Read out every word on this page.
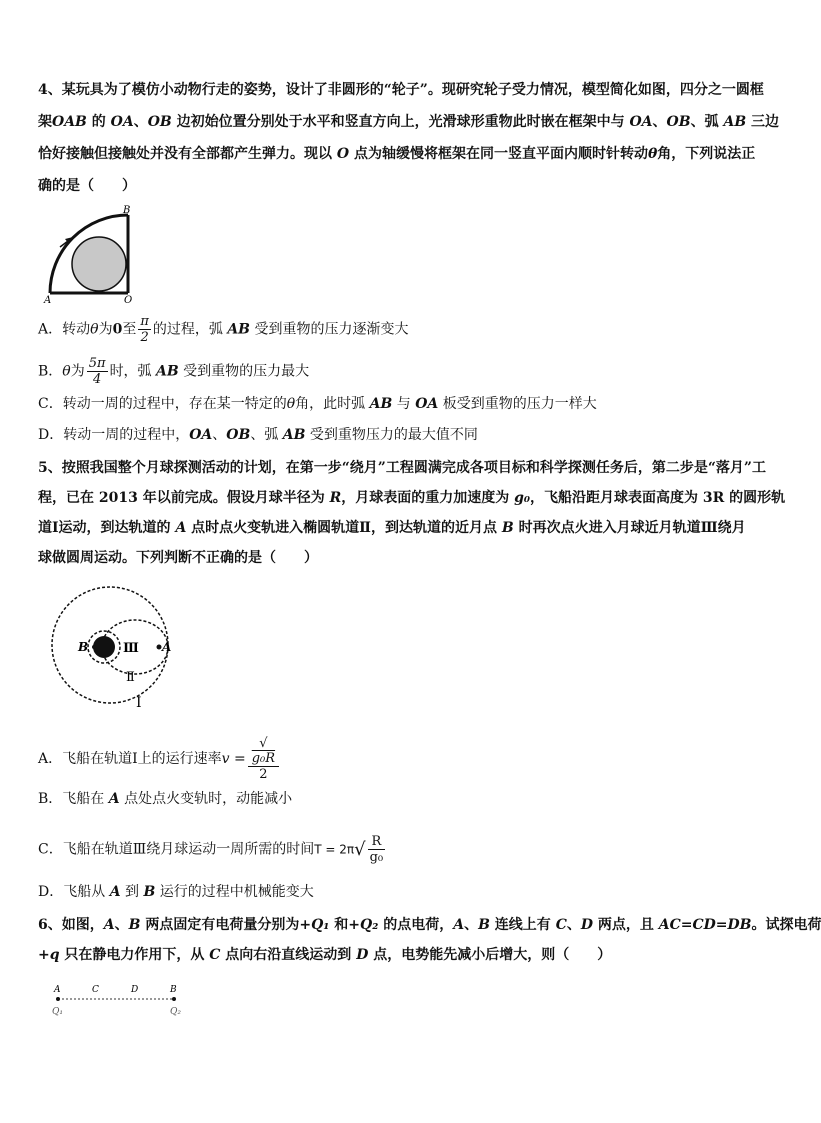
4、某玩具为了模仿小动物行走的姿势，设计了非圆形的“轮子”。现研究轮子受力情况，模型简化如图，四分之一圆框
架OAB 的 OA、OB 边初始位置分别处于水平和竖直方向上，光滑球形重物此时嵌在框架中与 OA、OB、弧 AB 三边
恰好接触但接触处并没有全部都产生弹力。现以 O 点为轴缓慢将框架在同一竖直平面内顺时针转动θ角，下列说法正
确的是（　　）
B
A	O
A．转动θ为0至 $\frac{\pi}{2}$ 的过程，弧 AB 受到重物的压力逐渐变大
B．θ为 $\frac{5\pi}{4}$ 时，弧 AB 受到重物的压力最大
C．转动一周的过程中，存在某一特定的θ角，此时弧 AB 与 OA 板受到重物的压力一样大
D．转动一周的过程中，OA、OB、弧 AB 受到重物压力的最大值不同
5、按照我国整个月球探测活动的计划，在第一步“绕月”工程圆满完成各项目标和科学探测任务后，第二步是“落月”工
程，已在 2013 年以前完成。假设月球半径为 R，月球表面的重力加速度为 g₀，飞船沿距月球表面高度为 3R 的圆形轨
道Ⅰ运动，到达轨道的 A 点时点火变轨进入椭圆轨道Ⅱ，到达轨道的近月点 B 时再次点火进入月球近月轨道Ⅲ绕月
球做圆周运动。下列判断不正确的是（　　）
B	A
Ⅲ
Ⅱ
Ⅰ
A．飞船在轨道Ⅰ上的运行速率v = √
g₀R
2
B．飞船在 A 点处点火变轨时，动能减小
C．飞船在轨道Ⅲ绕月球运动一周所需的时间$T = 2\pi√ \frac{R}{\text{g₀}}$
D．飞船从 A 到 B 运行的过程中机械能变大
6、如图，A、B 两点固定有电荷量分别为+Q₁ 和+Q₂ 的点电荷，A、B 连线上有 C、D 两点，且 AC=CD=DB。试探电荷
+q 只在静电力作用下，从 C 点向右沿直线运动到 D 点，电势能先减小后增大，则（　　）
A	C	D	B
Q₁	Q₂
